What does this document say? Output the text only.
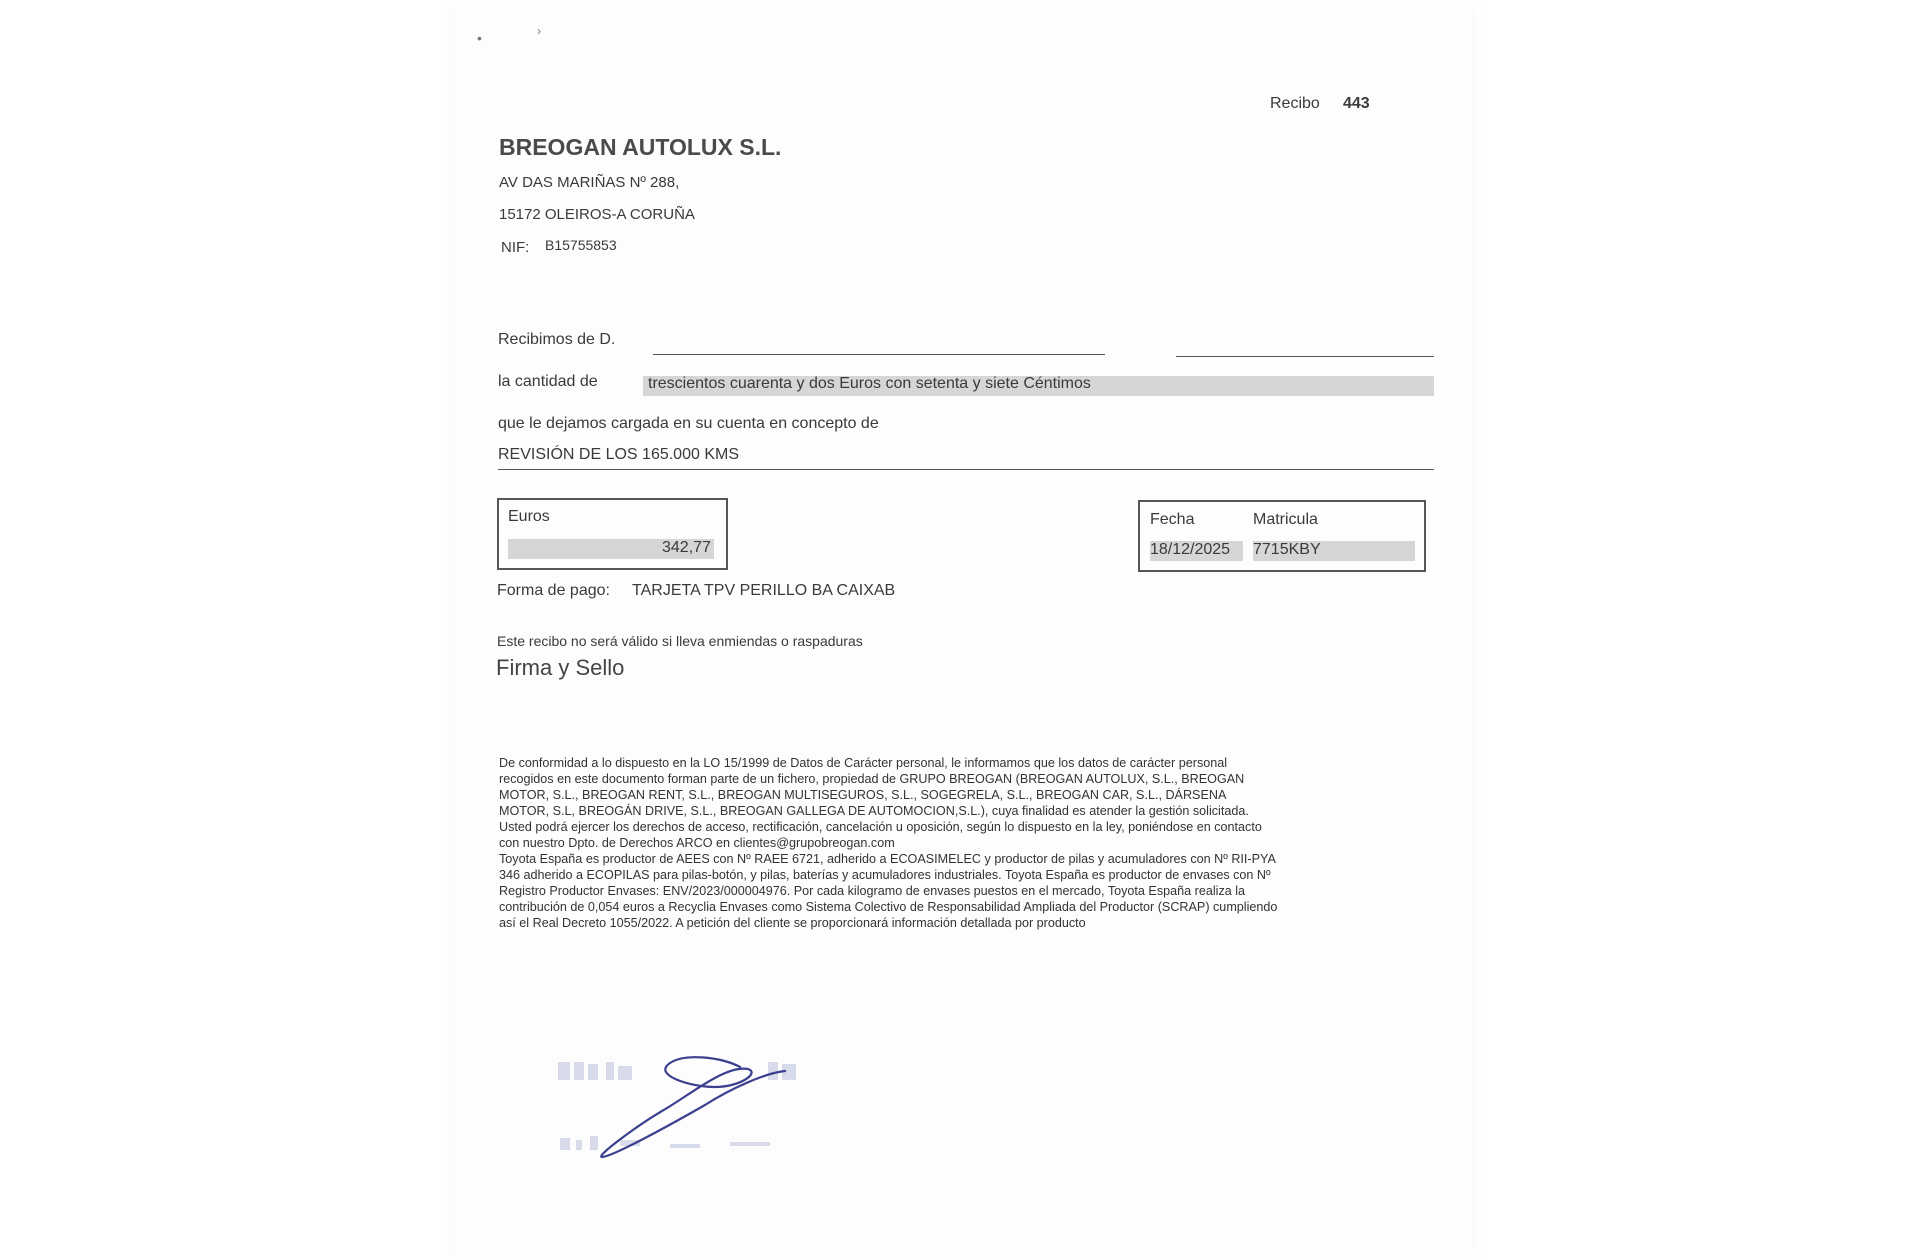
•	›
Recibo 443
BREOGAN AUTOLUX S.L.
AV DAS MARIÑAS Nº 288,
15172 OLEIROS-A CORUÑA
NIF: B15755853
Recibimos de D.
la cantidad de	trescientos cuarenta y dos Euros con setenta y siete Céntimos
que le dejamos cargada en su cuenta en concepto de
REVISIÓN DE LOS 165.000 KMS
Euros
342,77
Fecha	Matricula
18/12/2025 7715KBY
Forma de pago: TARJETA TPV PERILLO BA CAIXAB
Este recibo no será válido si lleva enmiendas o raspaduras
Firma y Sello
De conformidad a lo dispuesto en la LO 15/1999 de Datos de Carácter personal, le informamos que los datos de carácter personal
recogidos en este documento forman parte de un fichero, propiedad de GRUPO BREOGAN (BREOGAN AUTOLUX, S.L., BREOGAN
MOTOR, S.L., BREOGAN RENT, S.L., BREOGAN MULTISEGUROS, S.L., SOGEGRELA, S.L., BREOGAN CAR, S.L., DÁRSENA
MOTOR, S.L, BREOGÁN DRIVE, S.L., BREOGAN GALLEGA DE AUTOMOCION,S.L.), cuya finalidad es atender la gestión solicitada.
Usted podrá ejercer los derechos de acceso, rectificación, cancelación u oposición, según lo dispuesto en la ley, poniéndose en contacto
con nuestro Dpto. de Derechos ARCO en clientes@grupobreogan.com
Toyota España es productor de AEES con Nº RAEE 6721, adherido a ECOASIMELEC y productor de pilas y acumuladores con Nº RII-PYA
346 adherido a ECOPILAS para pilas-botón, y pilas, baterías y acumuladores industriales. Toyota España es productor de envases con Nº
Registro Productor Envases: ENV/2023/000004976. Por cada kilogramo de envases puestos en el mercado, Toyota España realiza la
contribución de 0,054 euros a Recyclia Envases como Sistema Colectivo de Responsabilidad Ampliada del Productor (SCRAP) cumpliendo
así el Real Decreto 1055/2022. A petición del cliente se proporcionará información detallada por producto
